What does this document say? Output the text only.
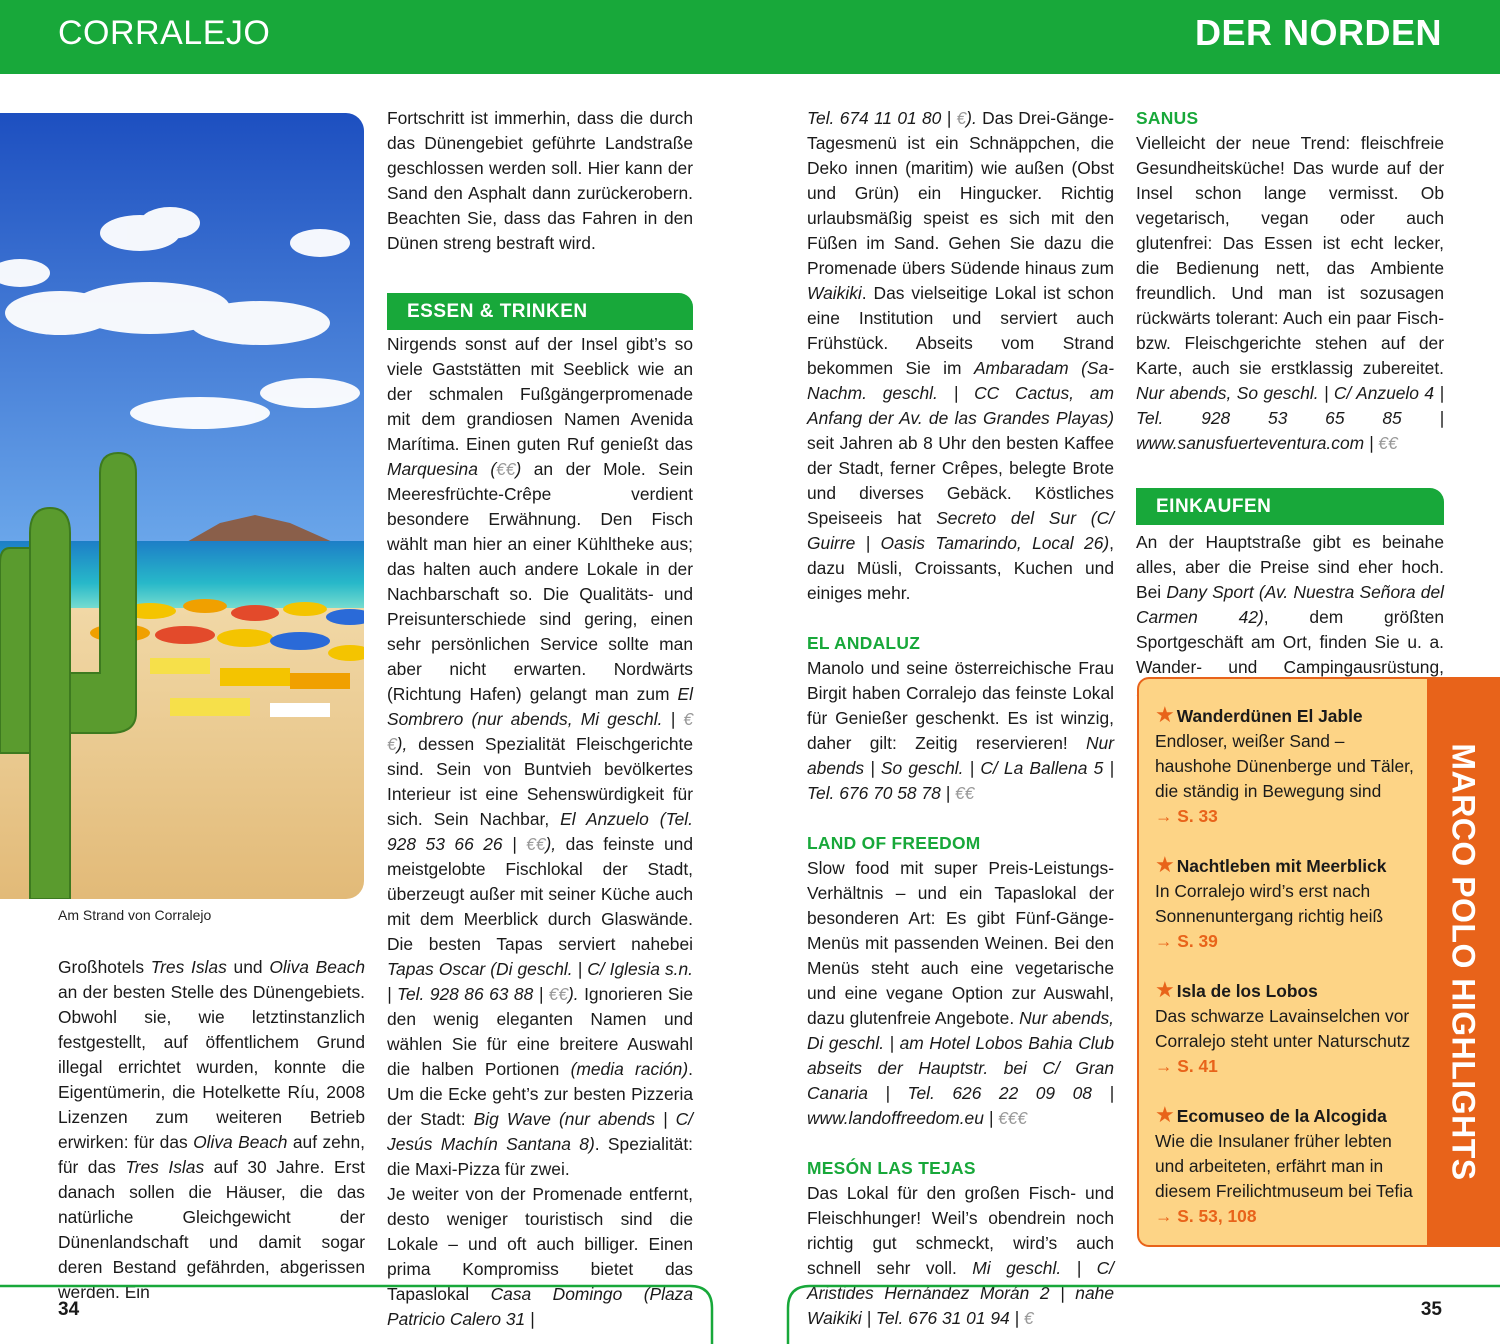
CORRALEJO	DER NORDEN
Am Strand von Corralejo

Großhotels Tres Islas und Oliva Beach an der besten Stelle des Dünengebiets. Obwohl sie, wie letztinstanzlich festgestellt, auf öffentlichem Grund illegal errichtet wurden, konnte die Eigentümerin, die Hotelkette Ríu, 2008 Lizenzen zum weiteren Betrieb erwirken: für das Oliva Beach auf zehn, für das Tres Islas auf 30 Jahre. Erst danach sollen die Häuser, die das natürliche Gleichgewicht der Dünenlandschaft und damit sogar deren Bestand gefährden, abgerissen werden. Ein

Fortschritt ist immerhin, dass die durch das Dünengebiet geführte Landstraße geschlossen werden soll. Hier kann der Sand den Asphalt dann zurückerobern. Beachten Sie, dass das Fahren in den Dünen streng bestraft wird.

ESSEN & TRINKEN

Nirgends sonst auf der Insel gibt’s so viele Gaststätten mit Seeblick wie an der schmalen Fußgängerpromenade mit dem grandiosen Namen Avenida Marítima. Einen guten Ruf genießt das Marquesina (€€) an der Mole. Sein Meeresfrüchte-Crêpe verdient besondere Erwähnung. Den Fisch wählt man hier an einer Kühltheke aus; das halten auch andere Lokale in der Nachbarschaft so. Die Qualitäts- und Preisunterschiede sind gering, einen sehr persönlichen Service sollte man aber nicht erwarten. Nordwärts (Richtung Hafen) gelangt man zum El Sombrero (nur abends, Mi geschl. | €€), dessen Spezialität Fleischgerichte sind. Sein von Buntvieh bevölkertes Interieur ist eine Sehenswürdigkeit für sich. Sein Nachbar, El Anzuelo (Tel. 928 53 66 26 | €€), das feinste und meistgelobte Fischlokal der Stadt, überzeugt außer mit seiner Küche auch mit dem Meerblick durch Glaswände. Die besten Tapas serviert nahebei Tapas Oscar (Di geschl. | C/ Iglesia s.n. | Tel. 928 86 63 88 | €€). Ignorieren Sie den wenig eleganten Namen und wählen Sie für eine breitere Auswahl die halben Portionen (media ración). Um die Ecke geht’s zur besten Pizzeria der Stadt: Big Wave (nur abends | C/ Jesús Machín Santana 8). Spezialität: die Maxi-Pizza für zwei.

Je weiter von der Promenade entfernt, desto weniger touristisch sind die Lokale – und oft auch billiger. Einen prima Kompromiss bietet das Tapaslokal Casa Domingo (Plaza Patricio Calero 31 |

Tel. 674 11 01 80 | €). Das Drei-Gänge-Tagesmenü ist ein Schnäppchen, die Deko innen (maritim) wie außen (Obst und Grün) ein Hingucker. Richtig urlaubsmäßig speist es sich mit den Füßen im Sand. Gehen Sie dazu die Promenade übers Südende hinaus zum Waikiki. Das vielseitige Lokal ist schon eine Institution und serviert auch Frühstück. Abseits vom Strand bekommen Sie im Ambaradam (Sa-Nachm. geschl. | CC Cactus, am Anfang der Av. de las Grandes Playas) seit Jahren ab 8 Uhr den besten Kaffee der Stadt, ferner Crêpes, belegte Brote und diverses Gebäck. Köstliches Speiseeis hat Secreto del Sur (C/ Guirre | Oasis Tamarindo, Local 26), dazu Müsli, Croissants, Kuchen und einiges mehr.

EL ANDALUZ

Manolo und seine österreichische Frau Birgit haben Corralejo das feinste Lokal für Genießer geschenkt. Es ist winzig, daher gilt: Zeitig reservieren! Nur abends | So geschl. | C/ La Ballena 5 | Tel. 676 70 58 78 | €€

LAND OF FREEDOM

Slow food mit super Preis-Leistungs-Verhältnis – und ein Tapaslokal der besonderen Art: Es gibt Fünf-Gänge-Menüs mit passenden Weinen. Bei den Menüs steht auch eine vegetarische und eine vegane Option zur Auswahl, dazu glutenfreie Angebote. Nur abends, Di geschl. | am Hotel Lobos Bahia Club abseits der Hauptstr. bei C/ Gran Canaria | Tel. 626 22 09 08 | www.landoffreedom.eu | €€€

MESÓN LAS TEJAS

Das Lokal für den großen Fisch- und Fleischhunger! Weil’s obendrein noch richtig gut schmeckt, wird’s auch schnell sehr voll. Mi geschl. | C/ Aristides Hernández Morán 2 | nahe Waikiki | Tel. 676 31 01 94 | €

SANUS

Vielleicht der neue Trend: fleischfreie Gesundheitsküche! Das wurde auf der Insel schon lange vermisst. Ob vegetarisch, vegan oder auch glutenfrei: Das Essen ist echt lecker, die Bedienung nett, das Ambiente freundlich. Und man ist sozusagen rückwärts tolerant: Auch ein paar Fisch- bzw. Fleischgerichte stehen auf der Karte, auch sie erstklassig zubereitet. Nur abends, So geschl. | C/ Anzuelo 4 | Tel. 928 53 65 85 | www.sanusfuerteventura.com | €€

EINKAUFEN

An der Hauptstraße gibt es beinahe alles, aber die Preise sind eher hoch. Bei Dany Sport (Av. Nuestra Señora del Carmen 42), dem größten Sportgeschäft am Ort, finden Sie u. a. Wander- und Campingausrüstung,

MARCO POLO HIGHLIGHTS
★ Wanderdünen El Jable
Endloser, weißer Sand – haushohe Dünenberge und Täler, die ständig in Bewegung sind
→ S. 33
★ Nachtleben mit Meerblick
In Corralejo wird’s erst nach Sonnenuntergang richtig heiß
→ S. 39
★ Isla de los Lobos
Das schwarze Lavainselchen vor Corralejo steht unter Naturschutz → S. 41
★ Ecomuseo de la Alcogida
Wie die Insulaner früher lebten und arbeiteten, erfährt man in diesem Freilichtmuseum bei Tefia → S. 53, 108
34	35
